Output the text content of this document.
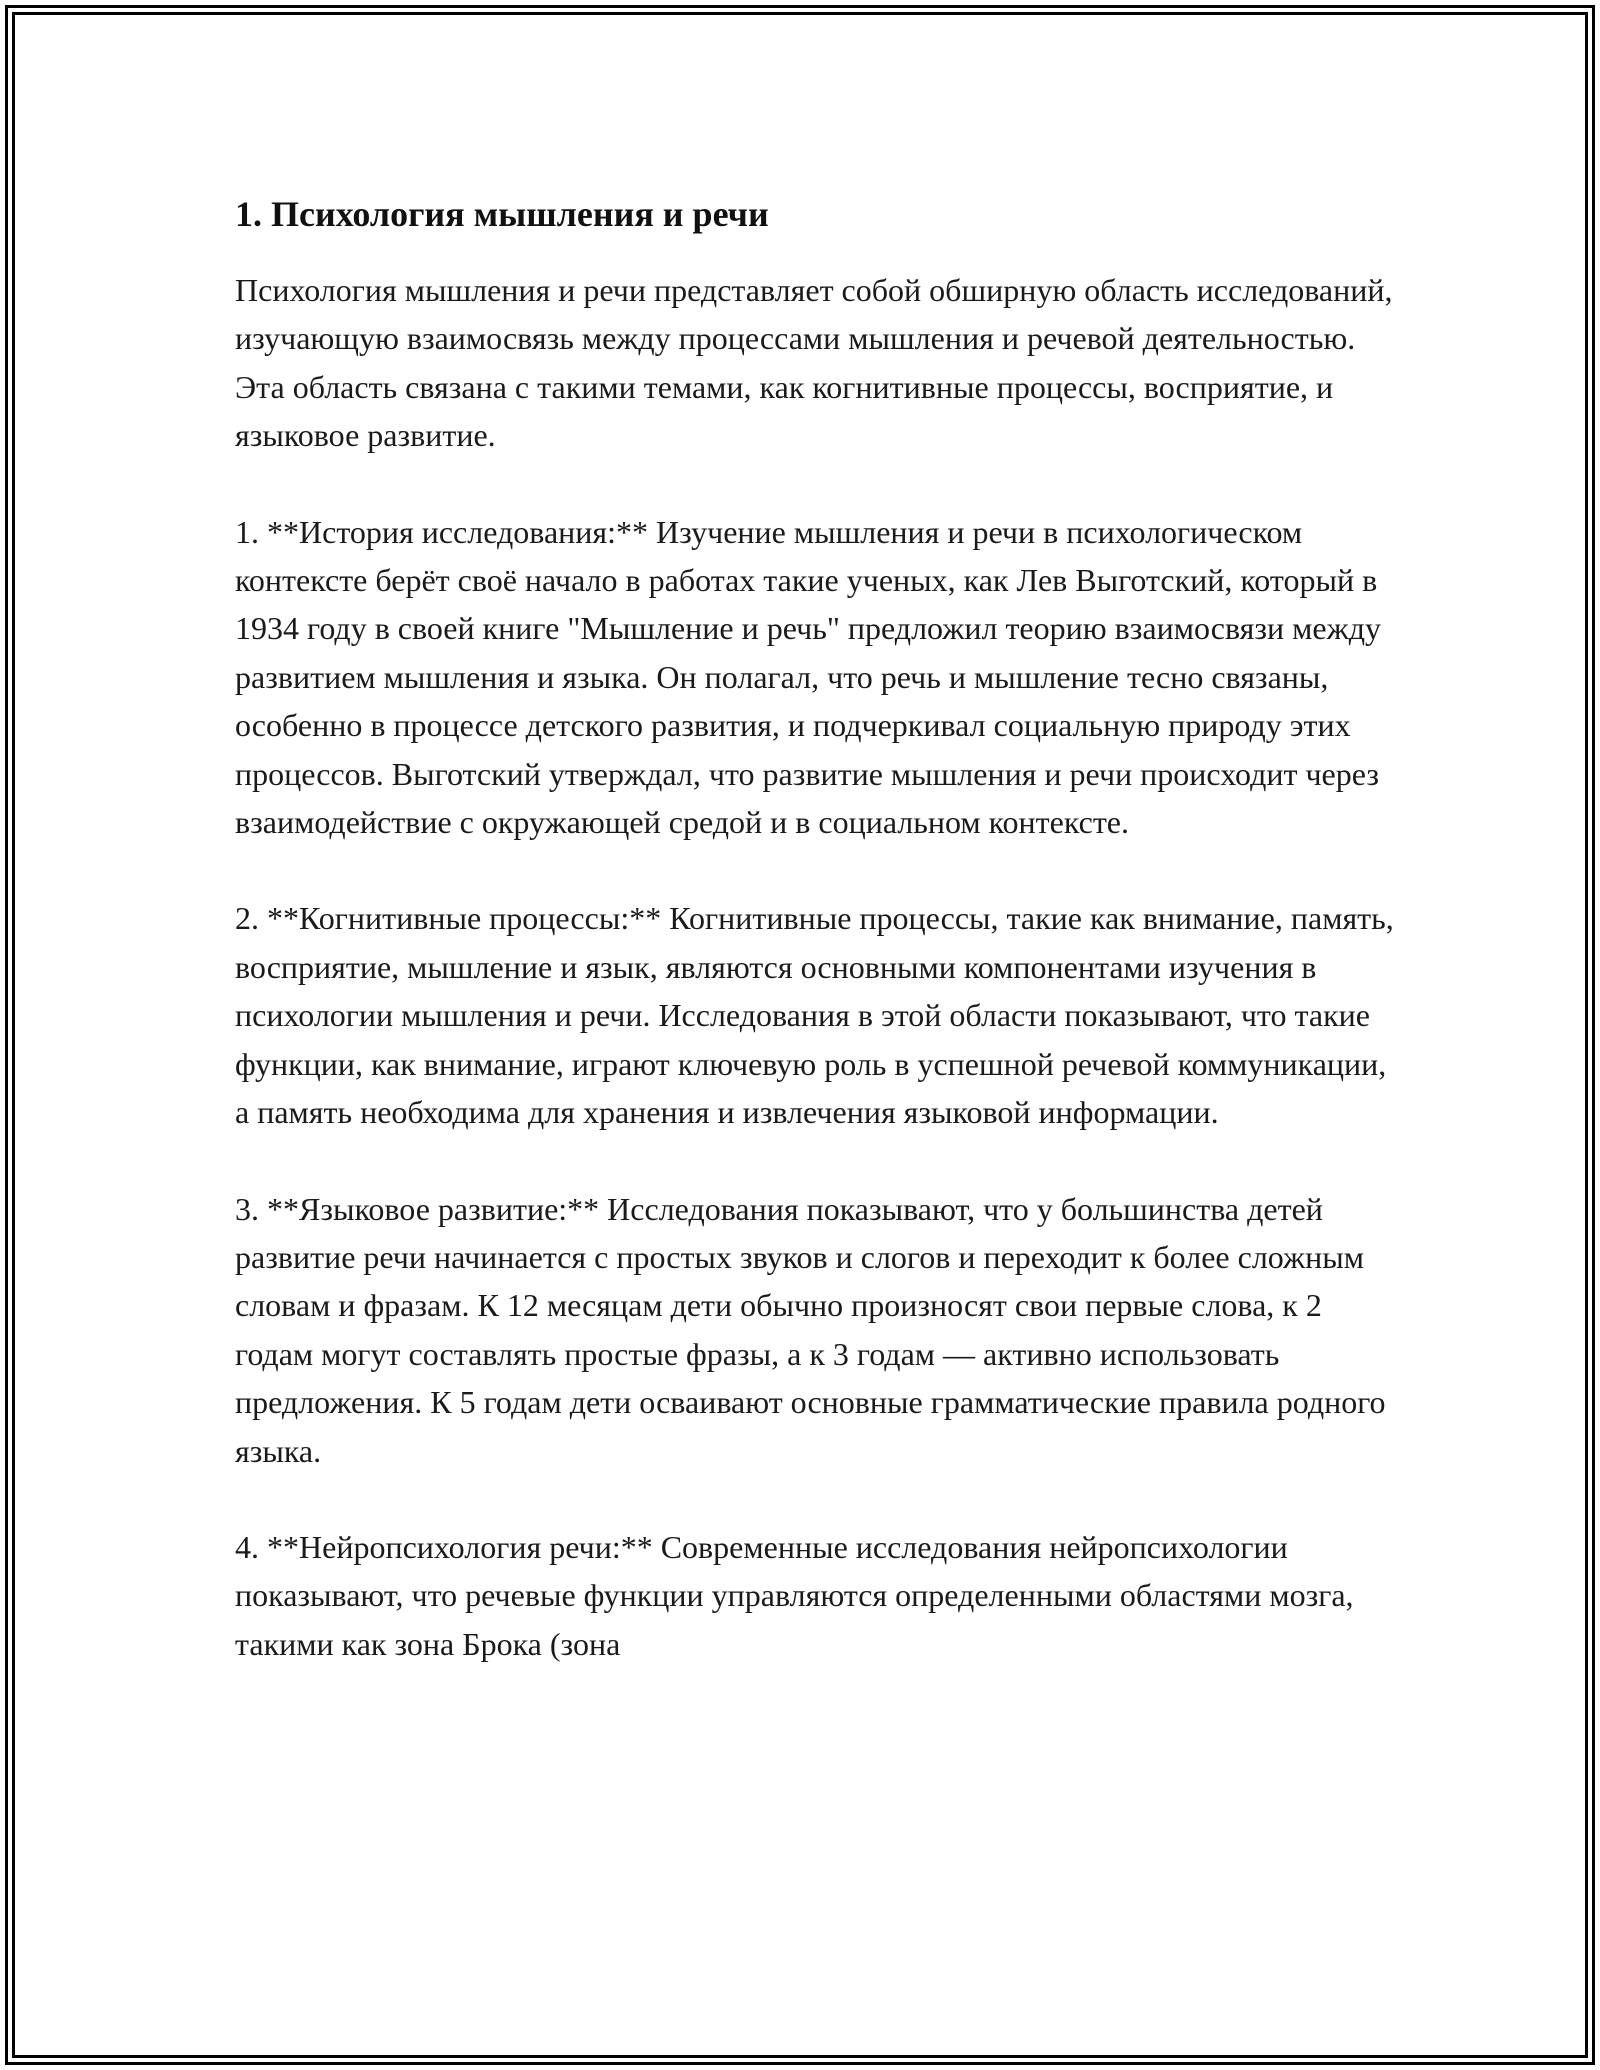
1. Психология мышления и речи

Психология мышления и речи представляет собой обширную область исследований, изучающую взаимосвязь между процессами мышления и речевой деятельностью. Эта область связана с такими темами, как когнитивные процессы, восприятие, и языковое развитие.

1. **История исследования:** Изучение мышления и речи в психологическом контексте берёт своё начало в работах такие ученых, как Лев Выготский, который в 1934 году в своей книге "Мышление и речь" предложил теорию взаимосвязи между развитием мышления и языка. Он полагал, что речь и мышление тесно связаны, особенно в процессе детского развития, и подчеркивал социальную природу этих процессов. Выготский утверждал, что развитие мышления и речи происходит через взаимодействие с окружающей средой и в социальном контексте.

2. **Когнитивные процессы:** Когнитивные процессы, такие как внимание, память, восприятие, мышление и язык, являются основными компонентами изучения в психологии мышления и речи. Исследования в этой области показывают, что такие функции, как внимание, играют ключевую роль в успешной речевой коммуникации, а память необходима для хранения и извлечения языковой информации.

3. **Языковое развитие:** Исследования показывают, что у большинства детей развитие речи начинается с простых звуков и слогов и переходит к более сложным словам и фразам. К 12 месяцам дети обычно произносят свои первые слова, к 2 годам могут составлять простые фразы, а к 3 годам — активно использовать предложения. К 5 годам дети осваивают основные грамматические правила родного языка.

4. **Нейропсихология речи:** Современные исследования нейропсихологии показывают, что речевые функции управляются определенными областями мозга, такими как зона Брока (зона
